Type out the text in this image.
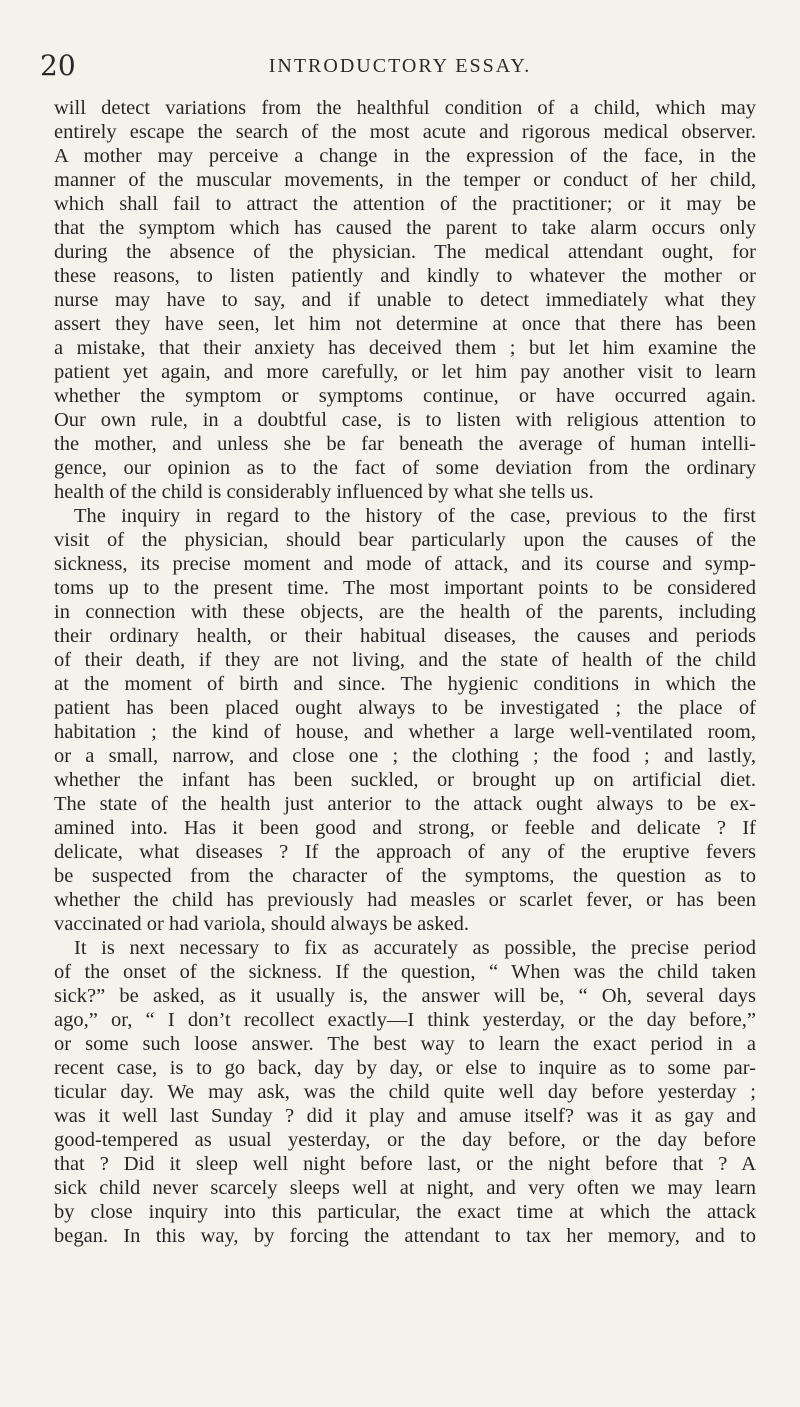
20	INTRODUCTORY ESSAY.
will detect variations from the healthful condition of a child, which may
entirely escape the search of the most acute and rigorous medical observer.
A mother may perceive a change in the expression of the face, in the
manner of the muscular movements, in the temper or conduct of her child,
which shall fail to attract the attention of the practitioner; or it may be
that the symptom which has caused the parent to take alarm occurs only
during the absence of the physician. The medical attendant ought, for
these reasons, to listen patiently and kindly to whatever the mother or
nurse may have to say, and if unable to detect immediately what they
assert they have seen, let him not determine at once that there has been
a mistake, that their anxiety has deceived them ; but let him examine the
patient yet again, and more carefully, or let him pay another visit to learn
whether the symptom or symptoms continue, or have occurred again.
Our own rule, in a doubtful case, is to listen with religious attention to
the mother, and unless she be far beneath the average of human intelli-
gence, our opinion as to the fact of some deviation from the ordinary
health of the child is considerably influenced by what she tells us.
The inquiry in regard to the history of the case, previous to the first
visit of the physician, should bear particularly upon the causes of the
sickness, its precise moment and mode of attack, and its course and symp-
toms up to the present time. The most important points to be considered
in connection with these objects, are the health of the parents, including
their ordinary health, or their habitual diseases, the causes and periods
of their death, if they are not living, and the state of health of the child
at the moment of birth and since. The hygienic conditions in which the
patient has been placed ought always to be investigated ; the place of
habitation ; the kind of house, and whether a large well-ventilated room,
or a small, narrow, and close one ; the clothing ; the food ; and lastly,
whether the infant has been suckled, or brought up on artificial diet.
The state of the health just anterior to the attack ought always to be ex-
amined into. Has it been good and strong, or feeble and delicate ? If
delicate, what diseases ? If the approach of any of the eruptive fevers
be suspected from the character of the symptoms, the question as to
whether the child has previously had measles or scarlet fever, or has been
vaccinated or had variola, should always be asked.
It is next necessary to fix as accurately as possible, the precise period
of the onset of the sickness. If the question, “ When was the child taken
sick?” be asked, as it usually is, the answer will be, “ Oh, several days
ago,” or, “ I don’t recollect exactly—I think yesterday, or the day before,”
or some such loose answer. The best way to learn the exact period in a
recent case, is to go back, day by day, or else to inquire as to some par-
ticular day. We may ask, was the child quite well day before yesterday ;
was it well last Sunday ? did it play and amuse itself? was it as gay and
good-tempered as usual yesterday, or the day before, or the day before
that ? Did it sleep well night before last, or the night before that ? A
sick child never scarcely sleeps well at night, and very often we may learn
by close inquiry into this particular, the exact time at which the attack
began. In this way, by forcing the attendant to tax her memory, and to
